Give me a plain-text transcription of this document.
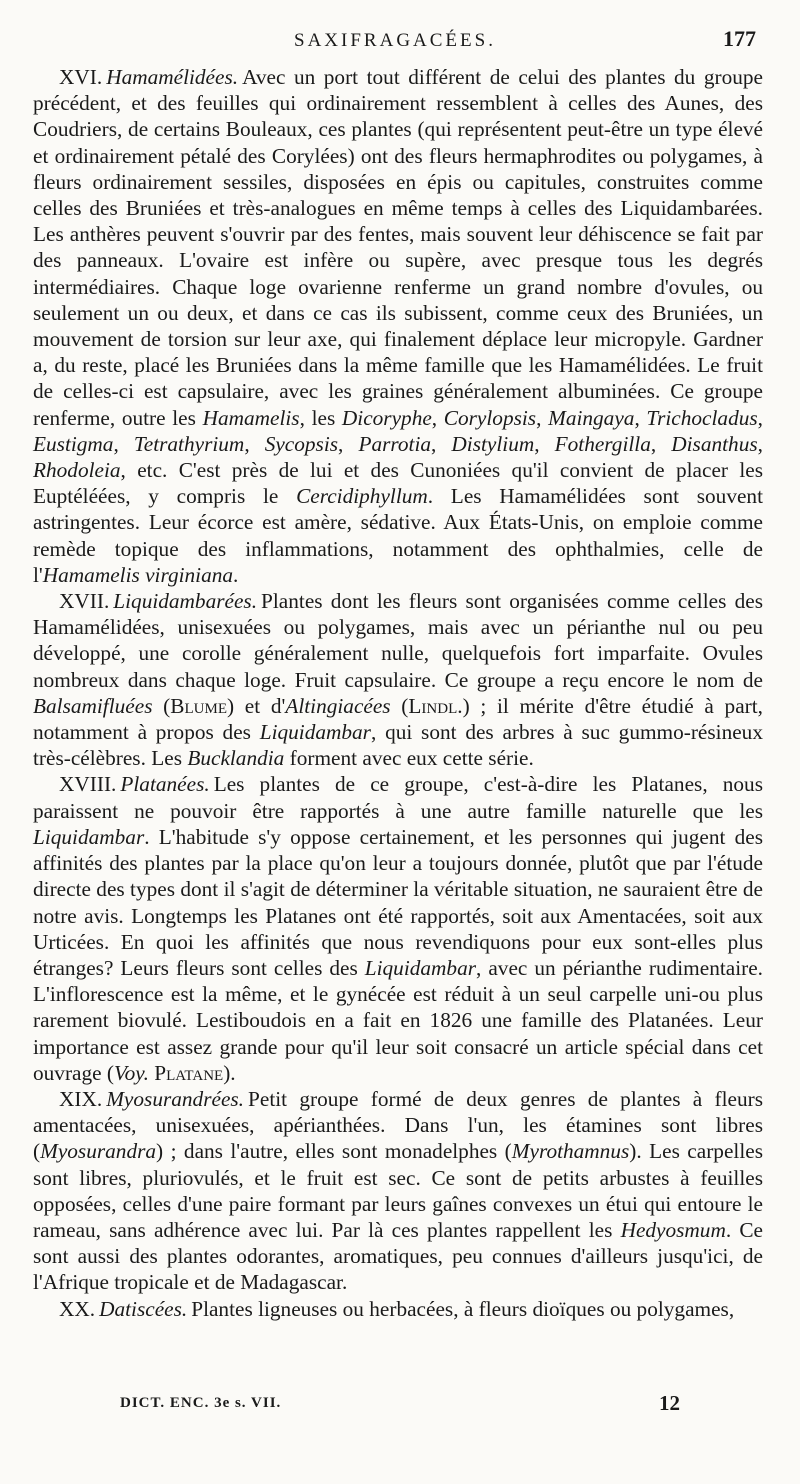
SAXIFRAGACÉES.	177

XVI. Hamamélidées. Avec un port tout différent de celui des plantes du groupe précédent, et des feuilles qui ordinairement ressemblent à celles des Aunes, des Coudriers, de certains Bouleaux, ces plantes (qui représentent peut-être un type élevé et ordinairement pétalé des Corylées) ont des fleurs hermaphrodites ou polygames, à fleurs ordinairement sessiles, disposées en épis ou capitules, construites comme celles des Bruniées et très-analogues en même temps à celles des Liquidambarées. Les anthères peuvent s'ouvrir par des fentes, mais souvent leur déhiscence se fait par des panneaux. L'ovaire est infère ou supère, avec presque tous les degrés intermédiaires. Chaque loge ovarienne renferme un grand nombre d'ovules, ou seulement un ou deux, et dans ce cas ils subissent, comme ceux des Bruniées, un mouvement de torsion sur leur axe, qui finalement déplace leur micropyle. Gardner a, du reste, placé les Bruniées dans la même famille que les Hamamélidées. Le fruit de celles-ci est capsulaire, avec les graines généralement albuminées. Ce groupe renferme, outre les Hamamelis, les Dicoryphe, Corylopsis, Maingaya, Trichocladus, Eustigma, Tetrathyrium, Sycopsis, Parrotia, Distylium, Fothergilla, Disanthus, Rhodoleia, etc. C'est près de lui et des Cunoniées qu'il convient de placer les Euptéléées, y compris le Cercidiphyllum. Les Hamamélidées sont souvent astringentes. Leur écorce est amère, sédative. Aux États-Unis, on emploie comme remède topique des inflammations, notamment des ophthalmies, celle de l'Hamamelis virginiana.

XVII. Liquidambarées. Plantes dont les fleurs sont organisées comme celles des Hamamélidées, unisexuées ou polygames, mais avec un périanthe nul ou peu développé, une corolle généralement nulle, quelquefois fort imparfaite. Ovules nombreux dans chaque loge. Fruit capsulaire. Ce groupe a reçu encore le nom de Balsamifluées (Blume) et d'Altingiacées (Lindl.) ; il mérite d'être étudié à part, notamment à propos des Liquidambar, qui sont des arbres à suc gummo-résineux très-célèbres. Les Bucklandia forment avec eux cette série.

XVIII. Platanées. Les plantes de ce groupe, c'est-à-dire les Platanes, nous paraissent ne pouvoir être rapportés à une autre famille naturelle que les Liquidambar. L'habitude s'y oppose certainement, et les personnes qui jugent des affinités des plantes par la place qu'on leur a toujours donnée, plutôt que par l'étude directe des types dont il s'agit de déterminer la véritable situation, ne sauraient être de notre avis. Longtemps les Platanes ont été rapportés, soit aux Amentacées, soit aux Urticées. En quoi les affinités que nous revendiquons pour eux sont-elles plus étranges? Leurs fleurs sont celles des Liquidambar, avec un périanthe rudimentaire. L'inflorescence est la même, et le gynécée est réduit à un seul carpelle uni-ou plus rarement biovulé. Lestiboudois en a fait en 1826 une famille des Platanées. Leur importance est assez grande pour qu'il leur soit consacré un article spécial dans cet ouvrage (Voy. Platane).

XIX. Myosurandrées. Petit groupe formé de deux genres de plantes à fleurs amentacées, unisexuées, apérianthées. Dans l'un, les étamines sont libres (Myosurandra) ; dans l'autre, elles sont monadelphes (Myrothamnus). Les carpelles sont libres, pluriovulés, et le fruit est sec. Ce sont de petits arbustes à feuilles opposées, celles d'une paire formant par leurs gaînes convexes un étui qui entoure le rameau, sans adhérence avec lui. Par là ces plantes rappellent les Hedyosmum. Ce sont aussi des plantes odorantes, aromatiques, peu connues d'ailleurs jusqu'ici, de l'Afrique tropicale et de Madagascar.

XX. Datiscées. Plantes ligneuses ou herbacées, à fleurs dioïques ou polygames,

DICT. ENC. 3e s. VII.	12
